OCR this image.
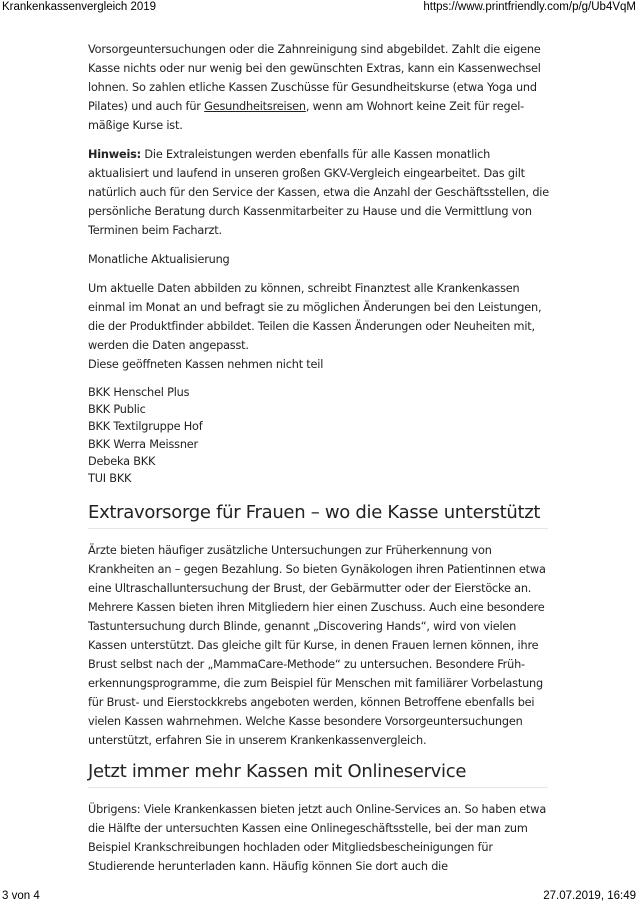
Krankenkassenvergleich 2019	https://www.printfriendly.com/p/g/Ub4VqM

Vorsorgeuntersuchungen oder die Zahnreinigung sind abgebildet. Zahlt die eigene
Kasse nichts oder nur wenig bei den gewünschten Extras, kann ein Kassenwechsel
lohnen. So zahlen etliche Kassen Zuschüsse für Gesundheitskurse (etwa Yoga und
Pilates) und auch für Gesundheitsreisen, wenn am Wohnort keine Zeit für regel-
mäßige Kurse ist.

Hinweis: Die Extraleistungen werden ebenfalls für alle Kassen monatlich
aktualisiert und laufend in unseren großen GKV-Vergleich eingearbeitet. Das gilt
natürlich auch für den Service der Kassen, etwa die Anzahl der Geschäftsstellen, die
persönliche Beratung durch Kassenmitarbeiter zu Hause und die Vermittlung von
Terminen beim Facharzt.

Monatliche Aktualisierung

Um aktuelle Daten abbilden zu können, schreibt Finanztest alle Krankenkassen
einmal im Monat an und befragt sie zu möglichen Änderungen bei den Leistungen,
die der Produktfinder abbildet. Teilen die Kassen Änderungen oder Neuheiten mit,
werden die Daten angepasst.
Diese geöffneten Kassen nehmen nicht teil

BKK Henschel Plus
BKK Public
BKK Textilgruppe Hof
BKK Werra Meissner
Debeka BKK
TUI BKK
Extravorsorge für Frauen – wo die Kasse unterstützt

Ärzte bieten häufiger zusätzliche Untersuchungen zur Früherkennung von
Krankheiten an – gegen Bezahlung. So bieten Gynäkologen ihren Patientinnen etwa
eine Ultraschalluntersuchung der Brust, der Gebärmutter oder der Eierstöcke an.
Mehrere Kassen bieten ihren Mitgliedern hier einen Zuschuss. Auch eine besondere
Tastuntersuchung durch Blinde, genannt „Discovering Hands“, wird von vielen
Kassen unterstützt. Das gleiche gilt für Kurse, in denen Frauen lernen können, ihre
Brust selbst nach der „MammaCare-Methode“ zu untersuchen. Besondere Früh-
erkennungsprogramme, die zum Beispiel für Menschen mit familiärer Vorbelastung
für Brust- und Eierstockkrebs angeboten werden, können Betroffene ebenfalls bei
vielen Kassen wahrnehmen. Welche Kasse besondere Vorsorgeuntersuchungen
unterstützt, erfahren Sie in unserem Krankenkassenvergleich.

Jetzt immer mehr Kassen mit Onlineservice

Übrigens: Viele Krankenkassen bieten jetzt auch Online-Services an. So haben etwa
die Hälfte der untersuchten Kassen eine Onlinegeschäftsstelle, bei der man zum
Beispiel Krankschreibungen hochladen oder Mitgliedsbescheinigungen für
Studierende herunterladen kann. Häufig können Sie dort auch die

3 von 4	27.07.2019, 16:49
